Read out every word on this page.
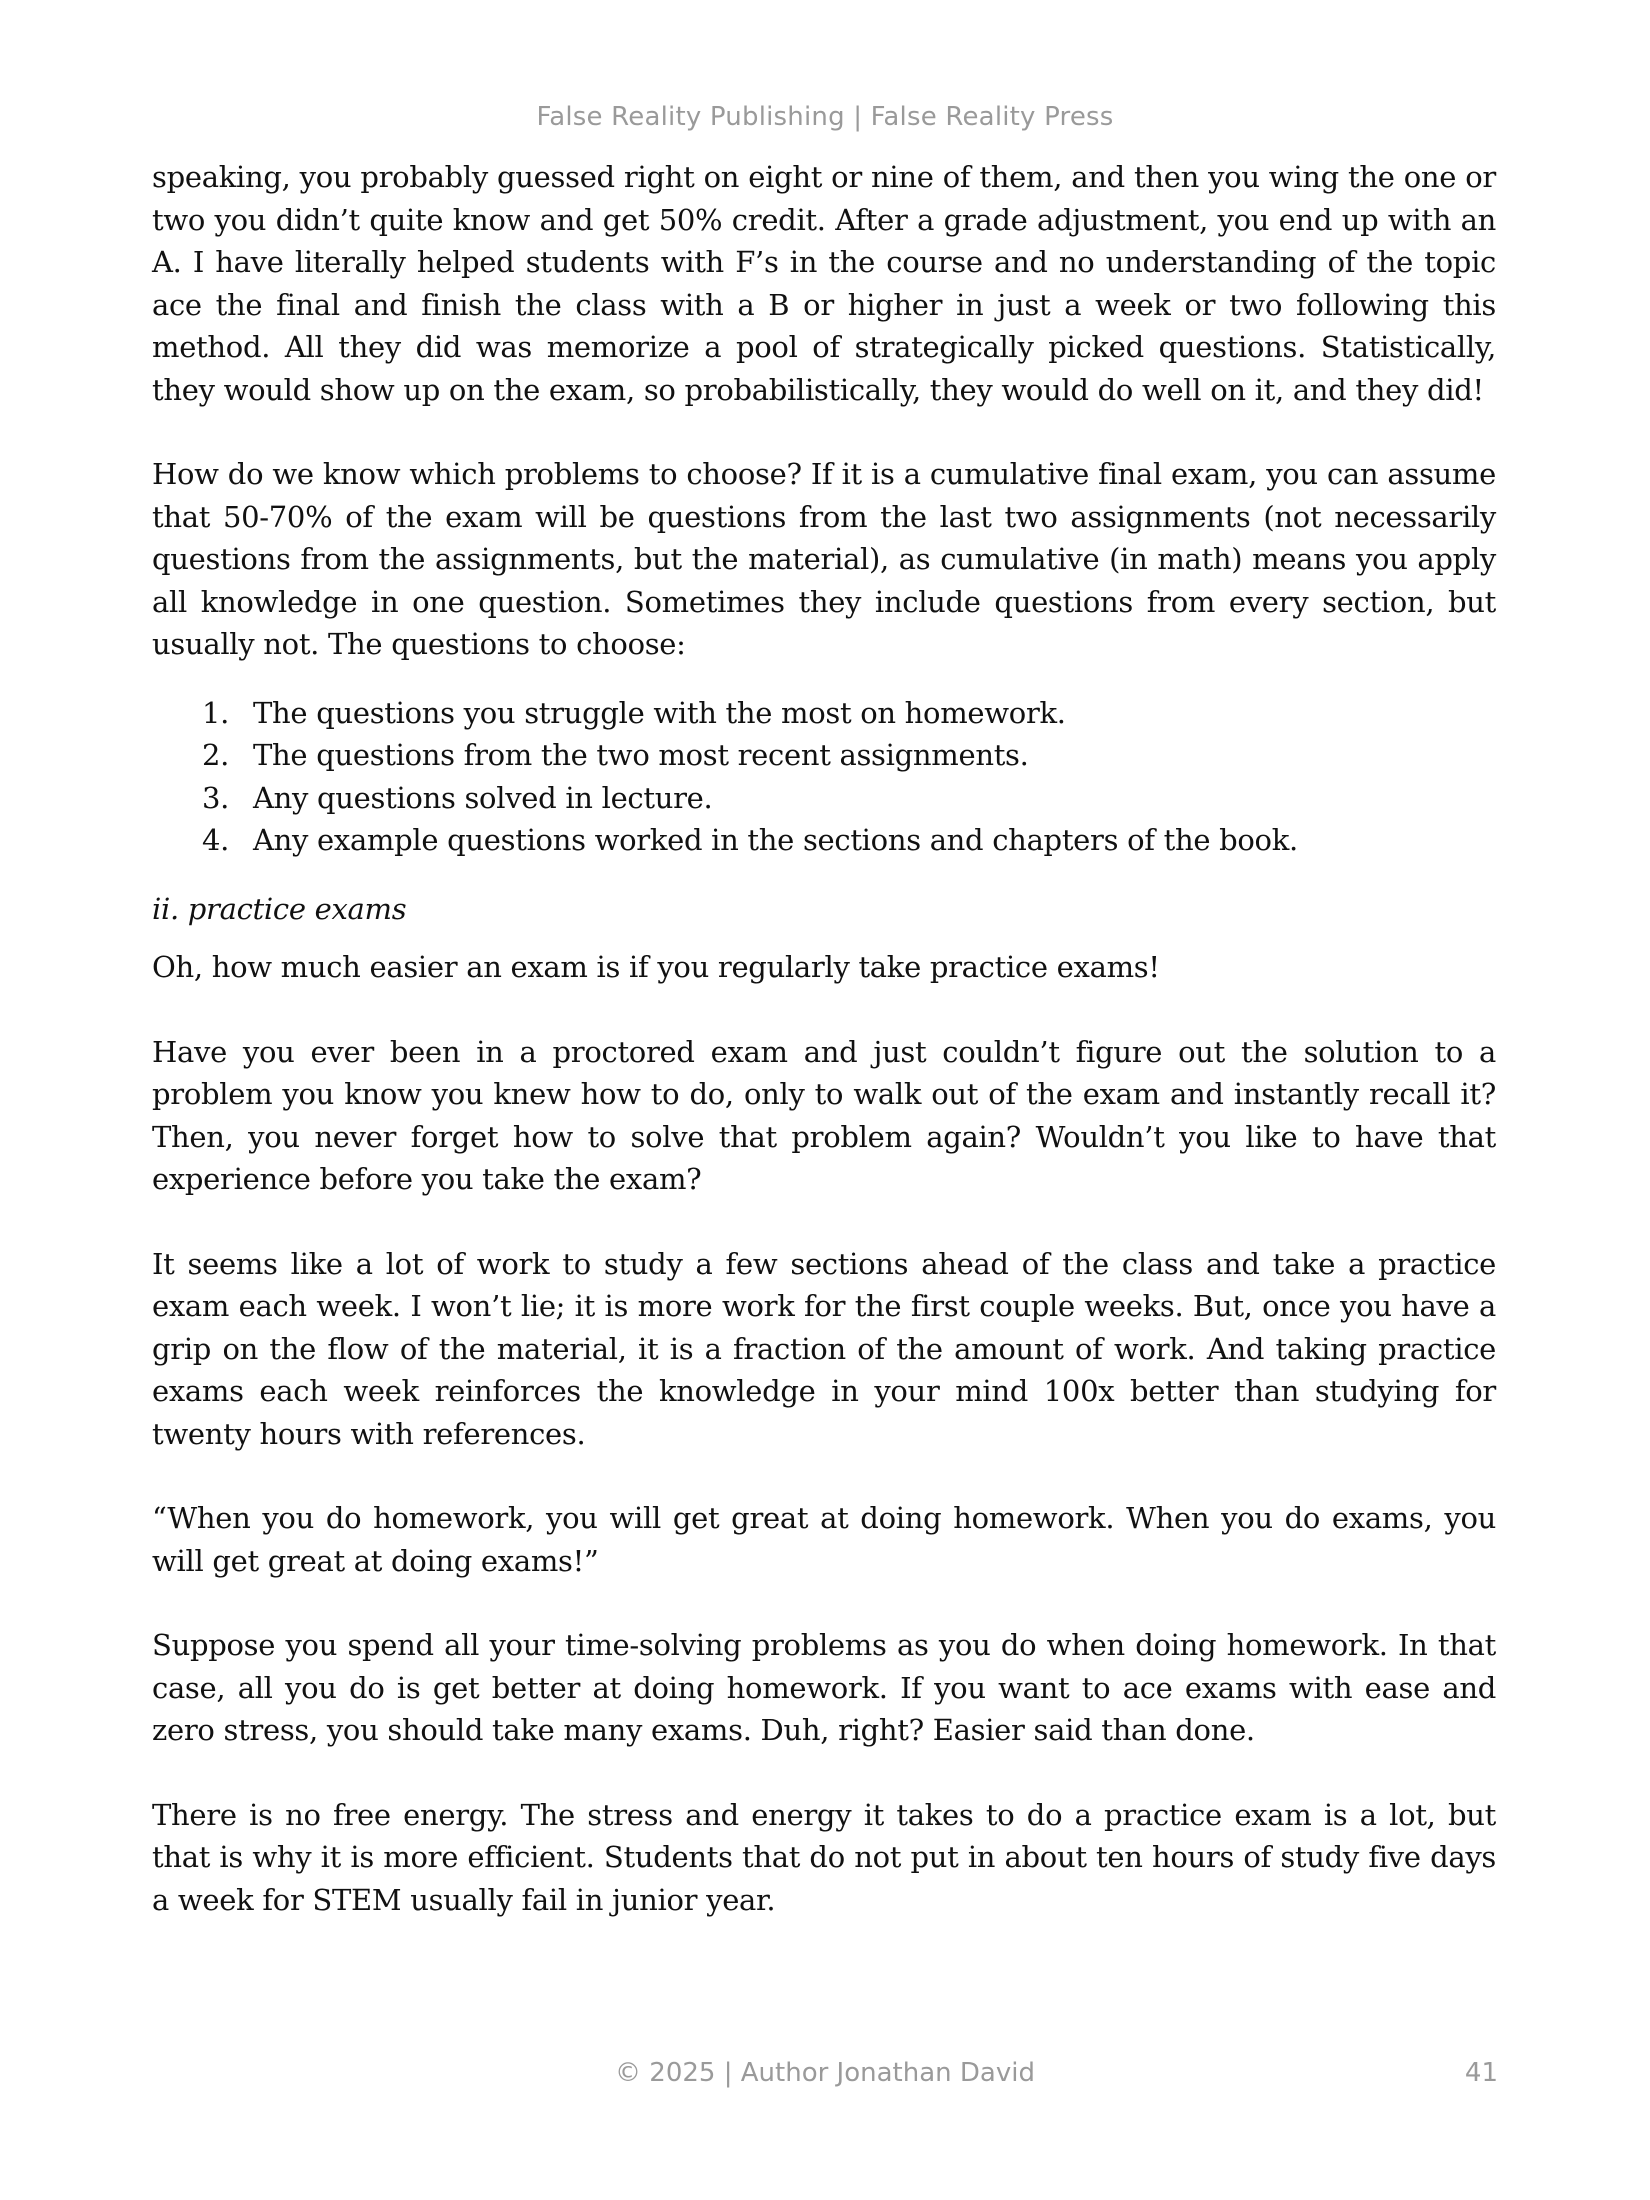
False Reality Publishing | False Reality Press

speaking, you probably guessed right on eight or nine of them, and then you wing the one or two you didn’t quite know and get 50% credit. After a grade adjustment, you end up with an A. I have literally helped students with F’s in the course and no understanding of the topic ace the final and finish the class with a B or higher in just a week or two following this method. All they did was memorize a pool of strategically picked questions. Statistically, they would show up on the exam, so probabilistically, they would do well on it, and they did!

How do we know which problems to choose? If it is a cumulative final exam, you can assume that 50-70% of the exam will be questions from the last two assignments (not necessarily questions from the assignments, but the material), as cumulative (in math) means you apply all knowledge in one question. Sometimes they include questions from every section, but usually not. The questions to choose:

1. The questions you struggle with the most on homework.
2. The questions from the two most recent assignments.
3. Any questions solved in lecture.
4. Any example questions worked in the sections and chapters of the book.
ii. practice exams

Oh, how much easier an exam is if you regularly take practice exams!

Have you ever been in a proctored exam and just couldn’t figure out the solution to a problem you know you knew how to do, only to walk out of the exam and instantly recall it? Then, you never forget how to solve that problem again? Wouldn’t you like to have that experience before you take the exam?

It seems like a lot of work to study a few sections ahead of the class and take a practice exam each week. I won’t lie; it is more work for the first couple weeks. But, once you have a grip on the flow of the material, it is a fraction of the amount of work. And taking practice exams each week reinforces the knowledge in your mind 100x better than studying for twenty hours with references.

“When you do homework, you will get great at doing homework. When you do exams, you will get great at doing exams!”

Suppose you spend all your time-solving problems as you do when doing homework. In that case, all you do is get better at doing homework. If you want to ace exams with ease and zero stress, you should take many exams. Duh, right? Easier said than done.

There is no free energy. The stress and energy it takes to do a practice exam is a lot, but that is why it is more efficient. Students that do not put in about ten hours of study five days a week for STEM usually fail in junior year.

© 2025 | Author Jonathan David	41
